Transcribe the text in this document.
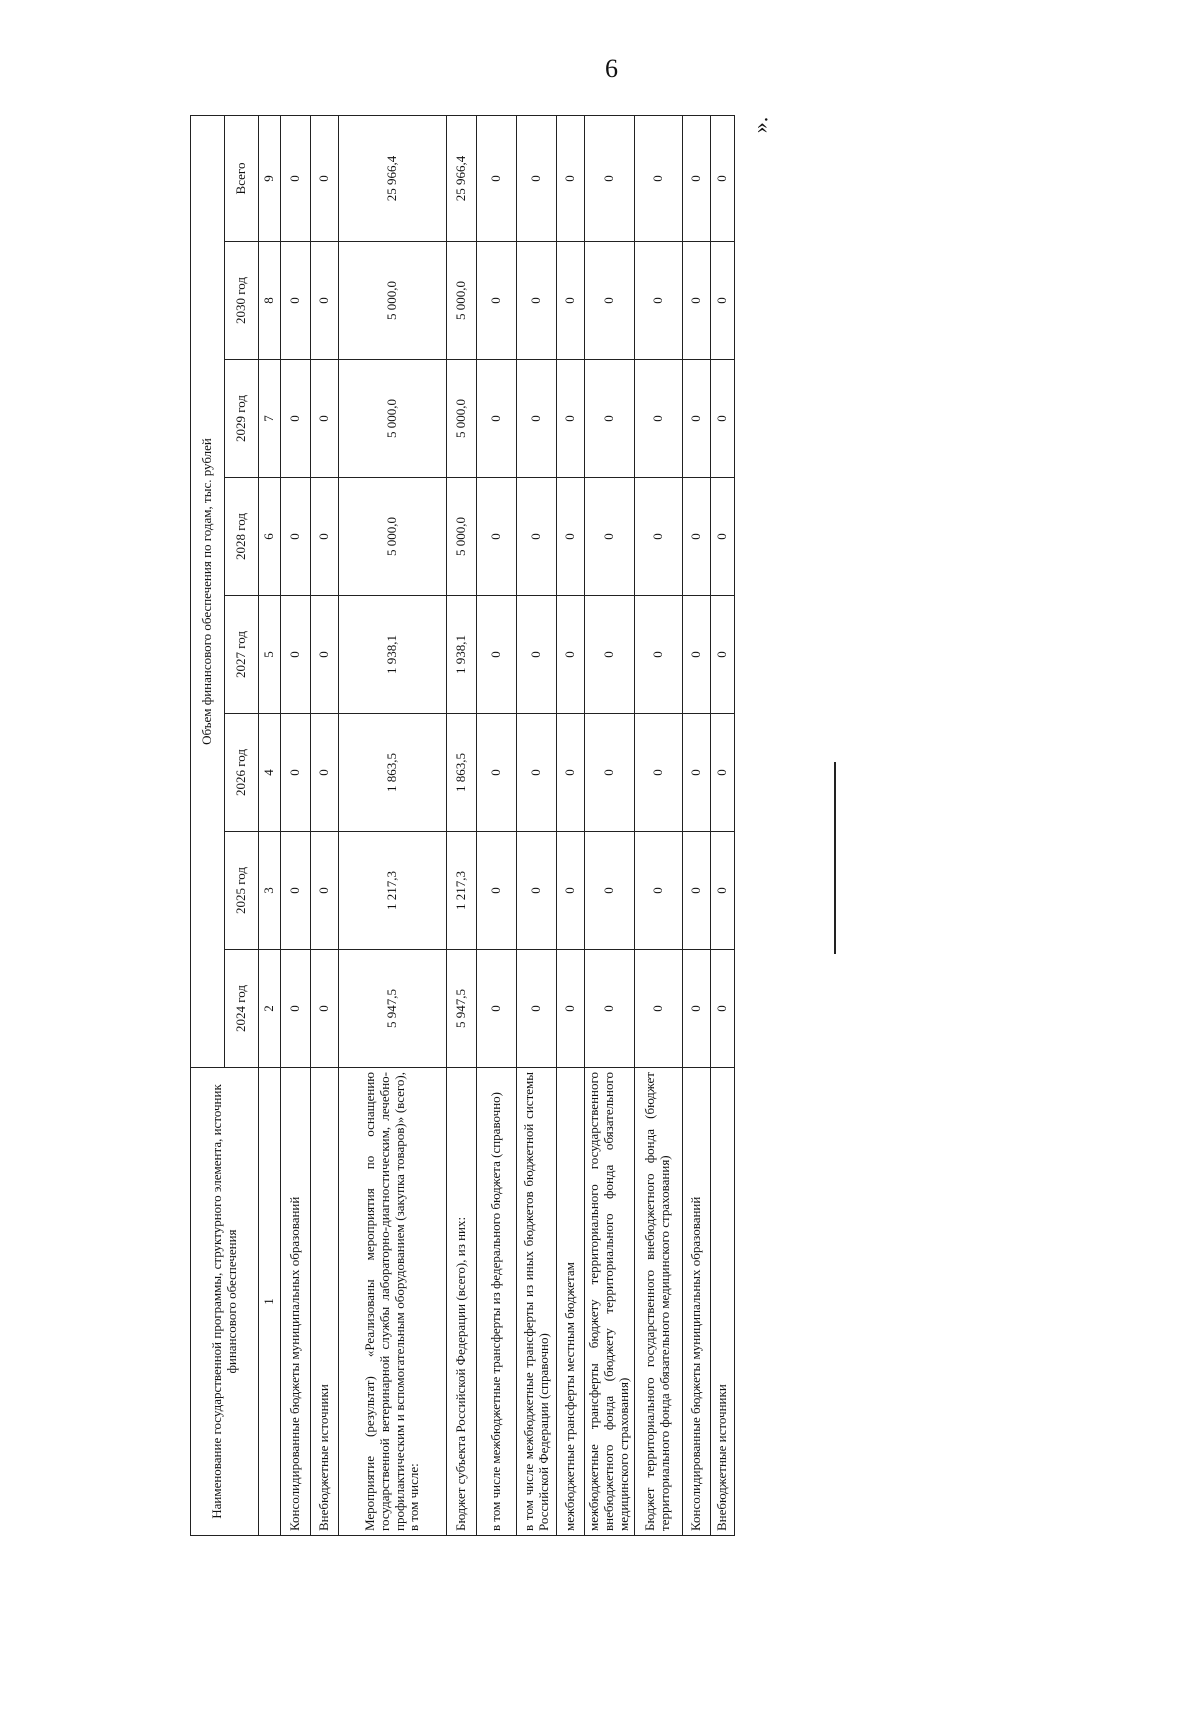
6
Наименование государственной программы, структурного элемента, источник финансового обеспечения	Объем финансового обеспечения по годам, тыс. рублей							
	2024 год	2025 год	2026 год	2027 год	2028 год	2029 год	2030 год	Всего
1	2	3	4	5	6	7	8	9
Консолидированные бюджеты муниципальных образований	0	0	0	0	0	0	0	0
Внебюджетные источники	0	0	0	0	0	0	0	0
Мероприятие (результат) «Реализованы мероприятия по оснащению государственной ветеринарной службы лабораторно-диагностическим, лечебно-профилактическим и вспомогательным оборудованием (закупка товаров)» (всего), в том числе:	5 947,5	1 217,3	1 863,5	1 938,1	5 000,0	5 000,0	5 000,0	25 966,4
Бюджет субъекта Российской Федерации (всего), из них:	5 947,5	1 217,3	1 863,5	1 938,1	5 000,0	5 000,0	5 000,0	25 966,4
в том числе межбюджетные трансферты из федерального бюджета (справочно)	0	0	0	0	0	0	0	0
в том числе межбюджетные трансферты из иных бюджетов бюджетной системы Российской Федерации (справочно)	0	0	0	0	0	0	0	0
межбюджетные трансферты местным бюджетам	0	0	0	0	0	0	0	0
межбюджетные трансферты бюджету территориального государственного внебюджетного фонда (бюджету территориального фонда обязательного медицинского страхования)	0	0	0	0	0	0	0	0
Бюджет территориального государственного внебюджетного фонда (бюджет территориального фонда обязательного медицинского страхования)	0	0	0	0	0	0	0	0
Консолидированные бюджеты муниципальных образований	0	0	0	0	0	0	0	0
Внебюджетные источники	0	0	0	0	0	0	0	0
».
